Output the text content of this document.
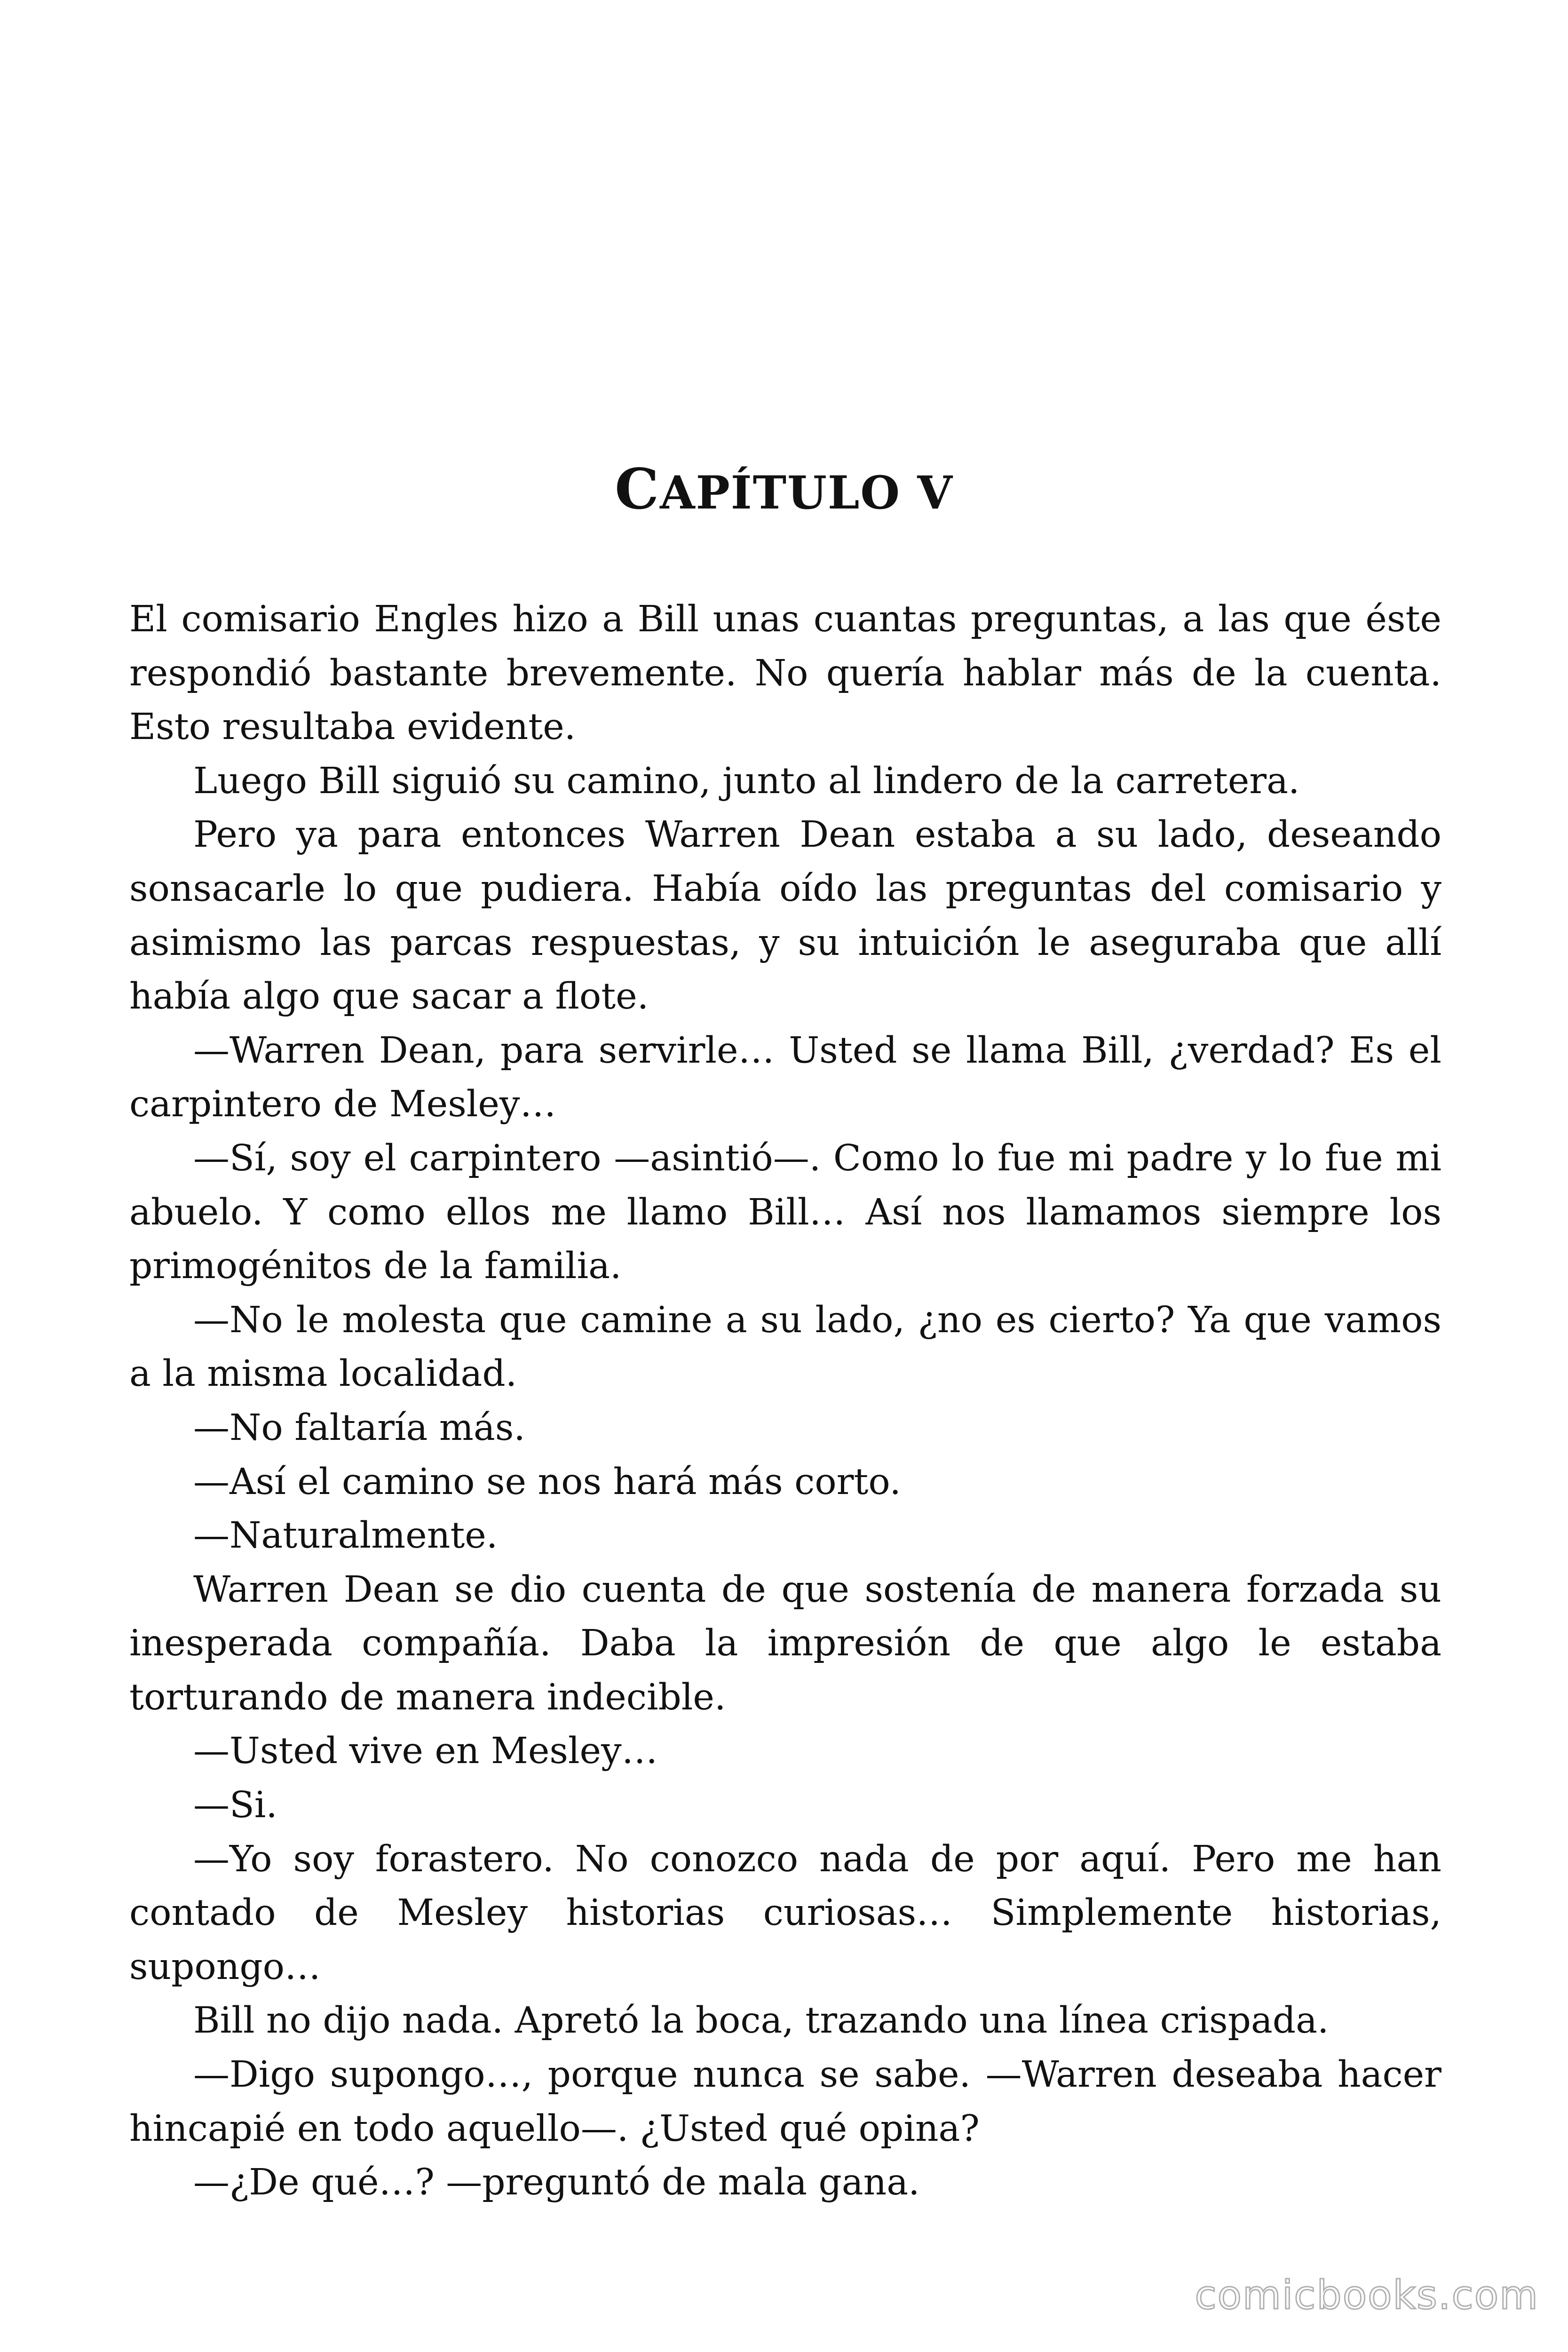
CAPÍTULO V

El comisario Engles hizo a Bill unas cuantas preguntas, a las que éste respondió bastante brevemente. No quería hablar más de la cuenta. Esto resultaba evidente.

Luego Bill siguió su camino, junto al lindero de la carretera.

Pero ya para entonces Warren Dean estaba a su lado, deseando sonsacarle lo que pudiera. Había oído las preguntas del comisario y asimismo las parcas respuestas, y su intuición le aseguraba que allí había algo que sacar a flote.

—Warren Dean, para servirle… Usted se llama Bill, ¿verdad? Es el carpintero de Mesley…

—Sí, soy el carpintero —asintió—. Como lo fue mi padre y lo fue mi abuelo. Y como ellos me llamo Bill… Así nos llamamos siempre los primogénitos de la familia.

—No le molesta que camine a su lado, ¿no es cierto? Ya que vamos a la misma localidad.

—No faltaría más.

—Así el camino se nos hará más corto.

—Naturalmente.

Warren Dean se dio cuenta de que sostenía de manera forzada su inesperada compañía. Daba la impresión de que algo le estaba torturando de manera indecible.

—Usted vive en Mesley…

—Si.

—Yo soy forastero. No conozco nada de por aquí. Pero me han contado de Mesley historias curiosas… Simplemente historias, supongo…

Bill no dijo nada. Apretó la boca, trazando una línea crispada.

—Digo supongo…, porque nunca se sabe. —Warren deseaba hacer hincapié en todo aquello—. ¿Usted qué opina?

—¿De qué…? —preguntó de mala gana.

comicbooks.com
